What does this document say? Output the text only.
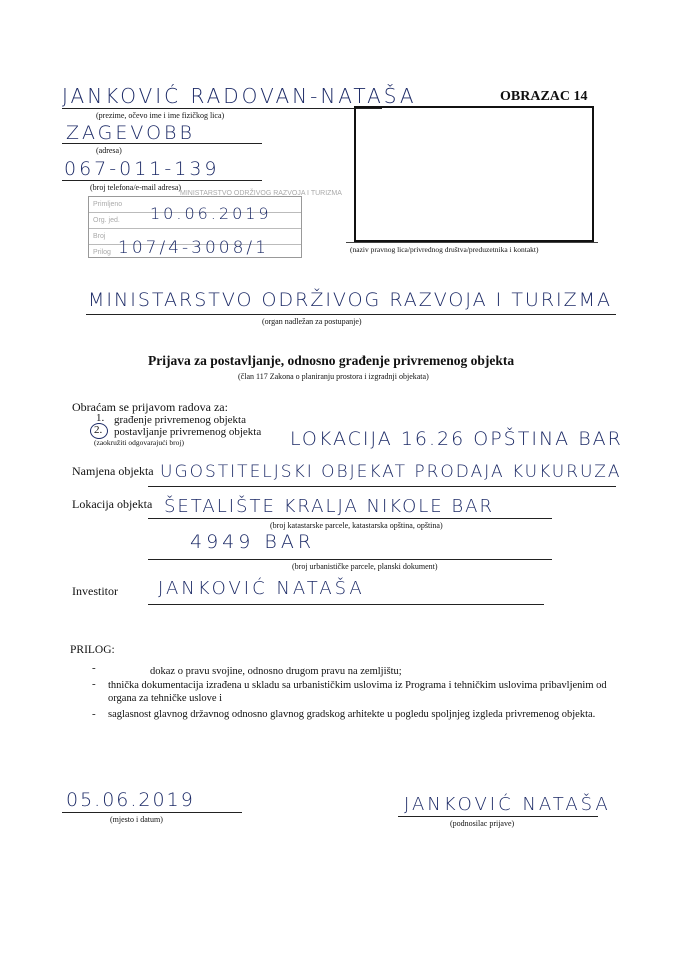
JANKOVIĆ RADOVAN-NATAŠA
(prezime, očevo ime i ime fizičkog lica)
ZAGEVOBB
(adresa)
067-011-139
(broj telefona/e-mail adresa)
Primljeno
Org. jed.
Broj
Prilog
MINISTARSTVO ODRŽIVOG RAZVOJA I TURIZMA
10.06.2019
107/4-3008/1
OBRAZAC 14
(naziv pravnog lica/privrednog društva/preduzetnika i kontakt)
MINISTARSTVO ODRŽIVOG RAZVOJA I TURIZMA
(organ nadležan za postupanje)
Prijava za postavljanje, odnosno građenje privremenog objekta
(član 117 Zakona o planiranju prostora i izgradnji objekata)
Obraćam se prijavom radova za:
1. građenje privremenog objekta
2. postavljanje privremenog objekta
(zaokružiti odgovarajući broj)	LOKACIJA 16.26 OPŠTINA BAR
Namjena objekta UGOSTITELJSKI OBJEKAT PRODAJA KUKURUZA
Lokacija objekta ŠETALIŠTE KRALJA NIKOLE BAR
(broj katastarske parcele, katastarska opština, opština)
4949 BAR
(broj urbanističke parcele, planski dokument)
Investitor JANKOVIĆ NATAŠA
PRILOG:
-	dokaz o pravu svojine, odnosno drugom pravu na zemljištu;
- thnička dokumentacija izrađena u skladu sa urbanističkim uslovima iz Programa i tehničkim uslovima pribavljenim od organa za tehničke uslove i
- saglasnost glavnog državnog odnosno glavnog gradskog arhitekte u pogledu spoljnjeg izgleda privremenog objekta.
05.06.2019
(mjesto i datum)
JANKOVIĆ NATAŠA
(podnosilac prijave)
